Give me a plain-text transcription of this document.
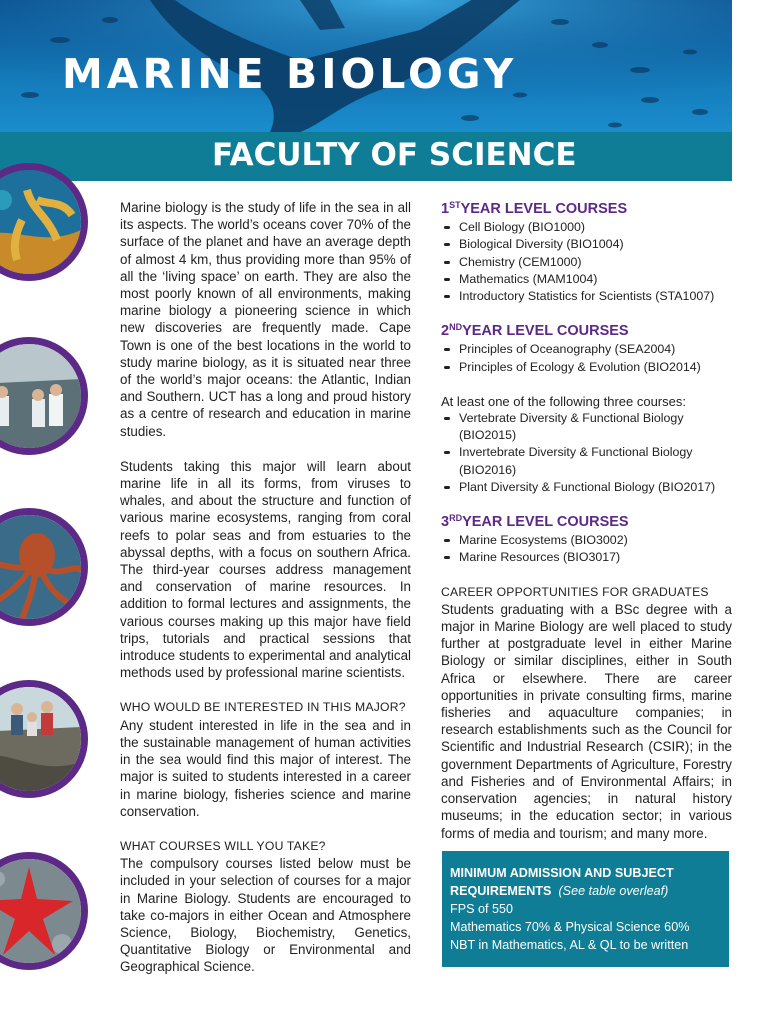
MARINE BIOLOGY
FACULTY OF SCIENCE

Marine biology is the study of life in the sea in all its aspects. The world’s oceans cover 70% of the surface of the planet and have an average depth of almost 4 km, thus providing more than 95% of all the ‘living space’ on earth. They are also the most poorly known of all environments, making marine biology a pioneering science in which new discoveries are frequently made. Cape Town is one of the best locations in the world to study marine biology, as it is situated near three of the world’s major oceans: the Atlantic, Indian and Southern. UCT has a long and proud history as a centre of research and education in marine studies.

Students taking this major will learn about marine life in all its forms, from viruses to whales, and about the structure and function of various marine ecosystems, ranging from coral reefs to polar seas and from estuaries to the abyssal depths, with a focus on southern Africa. The third-year courses address management and conservation of marine resources. In addition to formal lectures and assignments, the various courses making up this major have field trips, tutorials and practical sessions that introduce students to experimental and analytical methods used by professional marine scientists.

WHO WOULD BE INTERESTED IN THIS MAJOR?

Any student interested in life in the sea and in the sustainable management of human activities in the sea would find this major of interest. The major is suited to students interested in a career in marine biology, fisheries science and marine conservation.

WHAT COURSES WILL YOU TAKE?

The compulsory courses listed below must be included in your selection of courses for a major in Marine Biology. Students are encouraged to take co-majors in either Ocean and Atmosphere Science, Biology, Biochemistry, Genetics, Quantitative Biology or Environmental and Geographical Science.

1STYEAR LEVEL COURSES
Cell Biology (BIO1000)
Biological Diversity (BIO1004)
Chemistry (CEM1000)
Mathematics (MAM1004)
Introductory Statistics for Scientists (STA1007)
2NDYEAR LEVEL COURSES
Principles of Oceanography (SEA2004)
Principles of Ecology & Evolution (BIO2014)

At least one of the following three courses:

Vertebrate Diversity & Functional Biology (BIO2015)
Invertebrate Diversity & Functional Biology (BIO2016)
Plant Diversity & Functional Biology (BIO2017)
3RDYEAR LEVEL COURSES
Marine Ecosystems (BIO3002)
Marine Resources (BIO3017)

CAREER OPPORTUNITIES FOR GRADUATES

Students graduating with a BSc degree with a major in Marine Biology are well placed to study further at postgraduate level in either Marine Biology or similar disciplines, either in South Africa or elsewhere. There are career opportunities in private consulting firms, marine fisheries and aquaculture companies; in research establishments such as the Council for Scientific and Industrial Research (CSIR); in the government Departments of Agriculture, Forestry and Fisheries and of Environmental Affairs; in conservation agencies; in natural history museums; in the education sector; in various forms of media and tourism; and many more.

MINIMUM ADMISSION AND SUBJECT
REQUIREMENTS (See table overleaf)
FPS of 550
Mathematics 70% & Physical Science 60%
NBT in Mathematics, AL & QL to be written
